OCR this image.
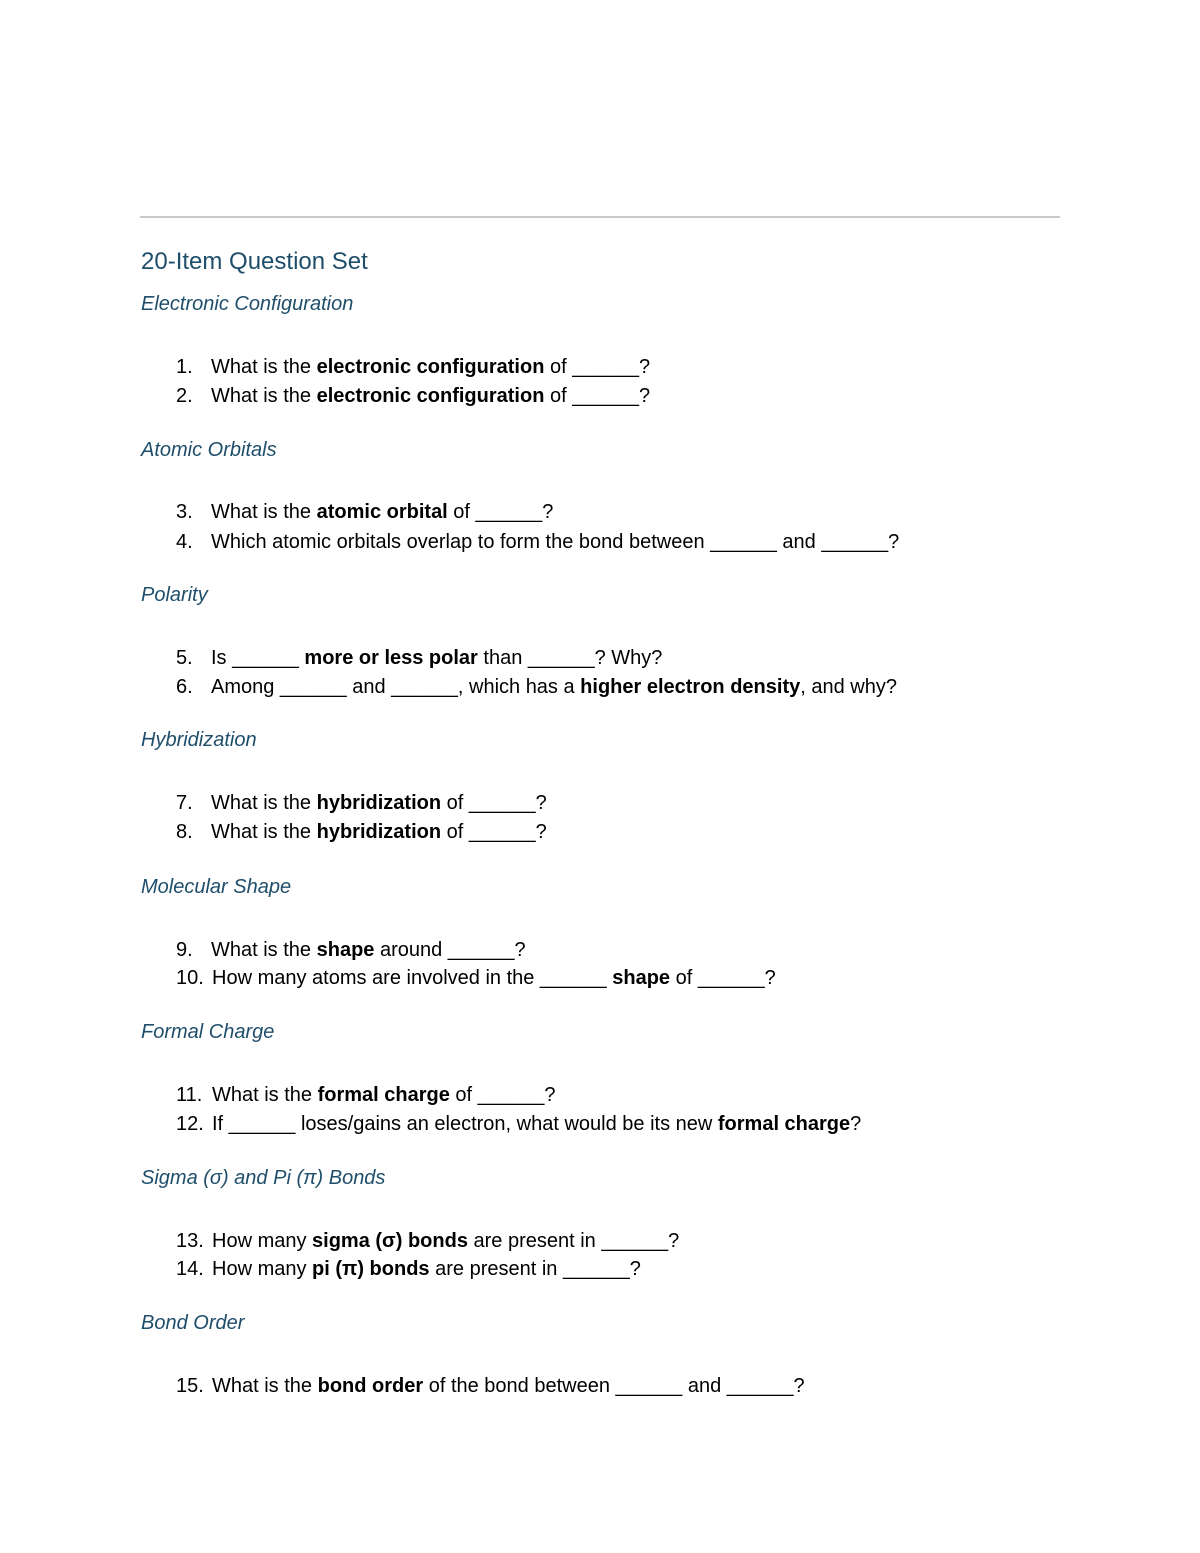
20-Item Question Set
Electronic Configuration
1. What is the electronic configuration of ______?
2. What is the electronic configuration of ______?
Atomic Orbitals
3. What is the atomic orbital of ______?
4. Which atomic orbitals overlap to form the bond between ______ and ______?
Polarity
5. Is ______ more or less polar than ______? Why?
6. Among ______ and ______, which has a higher electron density, and why?
Hybridization
7. What is the hybridization of ______?
8. What is the hybridization of ______?
Molecular Shape
9. What is the shape around ______?
10. How many atoms are involved in the ______ shape of ______?
Formal Charge
11. What is the formal charge of ______?
12. If ______ loses/gains an electron, what would be its new formal charge?
Sigma (σ) and Pi (π) Bonds
13. How many sigma (σ) bonds are present in ______?
14. How many pi (π) bonds are present in ______?
Bond Order
15. What is the bond order of the bond between ______ and ______?
